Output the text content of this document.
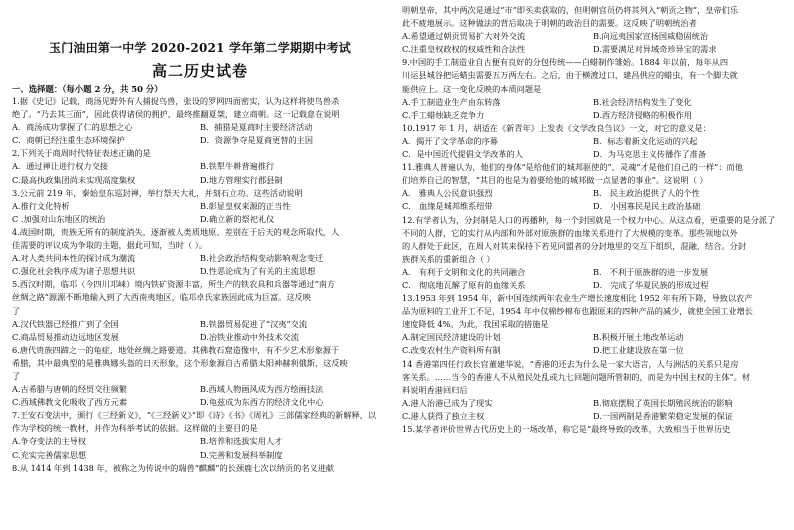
玉门油田第一中学 2020-2021 学年第二学期期中考试
高二历史试卷
一、选择题：（每小题 2 分，共 50 分）
1.据《史记》记载，商汤见野外有人捕捉鸟兽，张设的罗网四面密实，认为这样将使鸟兽杀
绝了。“乃去其三面”，因此获得诸侯的拥护，最终推翻夏桀，建立商朝。这一记载意在说明
A．商汤成功掌握了仁的思想之心	B．捕猎是夏商时主要经济活动
C．商朝已经注重生态环境保护	D．资源争夺是夏商更替的主因
2.下列关于商周时代特征表述正确的是
A．通过禅让进行权力交接	B.铁犁牛耕普遍推行
C.最高执政集团尚未实现高度集权	D.地方管理实行郡县制
3.公元前 219 年，秦始皇东巡封禅，举行祭天大礼，并刻石立功。这些活动说明
A.推行文化特析	B.彰显皇权来源的正当性
C .加强对山东地区的统治	D.确立新的祭祀礼仪
4.战国时期，贵族无所有的制度消失，逐渐被人类质地原、差别在于后天的观念所取代，人
佳需要的评议成为争取的主题，据此可知，当时（ ）。
A.对人类共同本性的探讨成为潮流	B.社会政治结构变动影响观念变迁
C.强化社会秩序成为诸子思想共识	D.性恶论成为了有关的主流思想
5.西汉时期，临邛（今四川邛崃）境内铁矿资源丰富，所生产的铁农具和兵器等通过“南方
丝绸之路”源源不断地输入到了大西南夷地区，临邛卓氏家族因此成为巨富。这反映
了
A.汉代铁器已经推广到了全国	B.铁器贸易促进了“汉夷”交流
C.商品贸易推动边远地区发展	D.冶铁业推动中外技术交流
6.唐代贵族四蹄之一的龟症，地处丝绸之路要道。其佛教石窟造像中，有不少艺术形象源于
希腊，其中最典型的是雅典娜头盔的日天形象，这个形象源自古希腊太阳神赫利俄斯，这反映
了
A.古希腊与唐朝的经贸交往频繁	B.西域人物画风成为西方绘画技法
C.西域佛教文化吸收了西方元素	D.龟兹成为东西方的经济文化中心
7.王安石变法中，颁行《三经新义》，“《三经新义》”即《诗》《书》《周礼》三部儒家经典的新解释，以
作为学校的统一教材，并作为科举考试的依据。这样做的主要目的是
A.争夺变法的主导权	B.培养和选拔实用人才
C.充实完善儒家思想	D.完善和发展科举制度
8.从 1414 年到 1438 年，被称之为传说中的瑞兽“麒麟”的长颈鹿七次以纳贡的名义进献
明朝皇帝，其中两次是通过“市”即买卖获取的，但明朝官员仍将其列入“朝贡之物”，皇帝们乐
此不疲地展示。这种做法的背后取决于明朝的政治目的需要。这反映了明朝统治者
A.希望通过朝贡贸易扩大对外交流	B.向远夷国家宣扬国威稳固统治
C.注重皇权政权的权威性和合法性	D.需要满足对异域奇珍异宝的需求
9.中国的手工制造业自古便有良好的分包传统——白蜡制作雏始。1884 年以前，每年从四
川运县城谷把运蜡虫需要五万两左右。之后，由于横渡过口，建昌供应的蜡虫，有一个脚夫就
能供应上。这一变化反映的本质问题是
A.手工制造业生产由东转落	B.社会经济结构发生了变化
C.手工蜡烛缺乏竞争力	D.西方经济侵略的积极作用
10.1917 年 1 月，胡适在《新青年》上发表《文学改良刍议》一文，对它的意义是：
A．揭开了文学革命的序幕	B．标志着新文化运动的兴起
C．是中国近代提倡文学改革的人	D．为马克思主义传播作了准备
11.雅典人普遍认为，他们的身体“是给他们的城邦驱使的”，灵魂“才是他们自己的一样”：而他
们培养自己的智慧，“其目的也是为着要给他的城邦做一点显著的事业”。这说明（ ）
A． 雅典人公民意识强烈	B． 民主政治提供了人的个性
C． 血缘是城邦维系纽带	D． 小国寡民是民主政治基础
12.有学者认为，分封制是人口的再播种，每一个封国就是一个权力中心。从这点看，更重要的是分派了
不同的人群，它的实行从内部和外部对原族群的血缘关系进行了大规模的变革。那些领地以外
的人群处于此区，在周人对其来保持下若见同盟者的分封地里的交互下组织，混融、结合。分封
族群关系的重新组合（ ）
A． 有利于文明和文化的共同融合	B． 不利于原族群的进一步发展
C． 彻底地瓦解了原有的血缘关系	D． 完成了华夏民族的形成过程
13.1953 年到 1954 年，新中国连续两年农业生产增长速度相比 1952 年有所下降，导致以农产
品为原料的工业开工不足，1954 年中仅棉纱棉布也跟原来的四种产品的减少，就使全国工业增长
速度降低 4%。为此，我国采取的措施是
A.制定国民经济建设的计划	B.积极开展土地改革运动
C.改变农村生产资料所有制	D.把工业建设放在第一位
14 香港第四任行政长官董建华说，“香港的还去为什么是一家大语言，人与洲活的关系只是房
客关系。……当今的香港人不从殖民处乱或九七回题问题所管制的，而是为中国主权的主体”。材
料说明香港回归后
A.港人治港已成为了现实	B.彻底摆脱了英国长期殖民统治的影响
C.港人获得了独立主权	D.一国两制是香港繁荣稳定发展的保证
15.某学者评价世界古代历史上的一场改革，称它是“最终导致的改革，大致相当于世界历史
